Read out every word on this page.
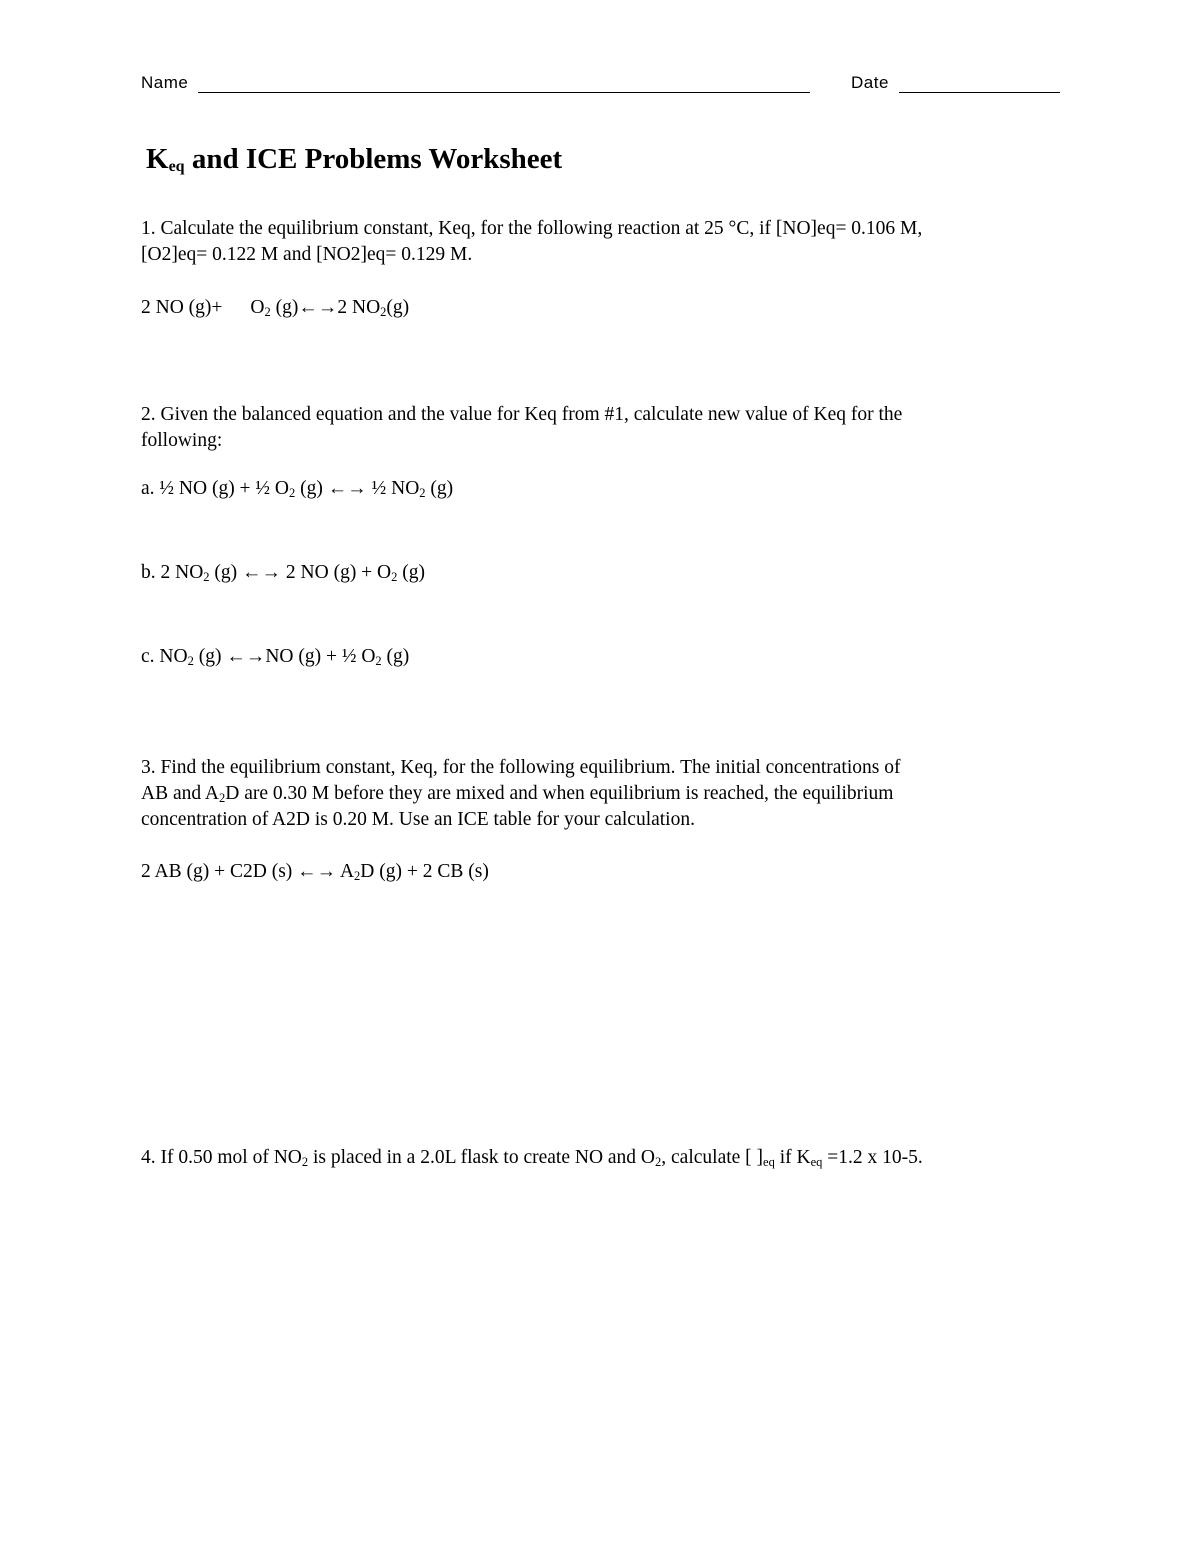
Name	Date
$K_{eq}$ and ICE Problems Worksheet
1. Calculate the equilibrium constant, Keq, for the following reaction at 25 °C, if [NO]eq= 0.106 M,
[O2]eq= 0.122 M and [NO2]eq= 0.129 M.
2 NO $(g)+ O_2$ (g)←→2 $NO_2(g)$
2. Given the balanced equation and the value for Keq from #1, calculate new value of Keq for the
following:
a. ½ NO (g) + ½ $O_2$ (g) ←→ ½ $NO_2$ (g)
b. 2 $NO_2$ (g) ←→ 2 NO $(g) + O_2$ (g)
c. $NO_2$ (g) ←→NO (g) + ½ $O_2$ (g)
3. Find the equilibrium constant, Keq, for the following equilibrium. The initial concentrations of
AB and $A_2D$ are 0.30 M before they are mixed and when equilibrium is reached, the equilibrium
concentration of A2D is 0.20 M. Use an ICE table for your calculation.
2 AB (g) + C2D (s) ←→ $A_2D$ (g) + 2 CB (s)
4. If 0.50 mol of $NO_2$ is placed in a 2.0L flask to create NO and $O_2$, calculate [ ]$_{eq}$ if $K_{eq} =1.2$ x 10-5.
